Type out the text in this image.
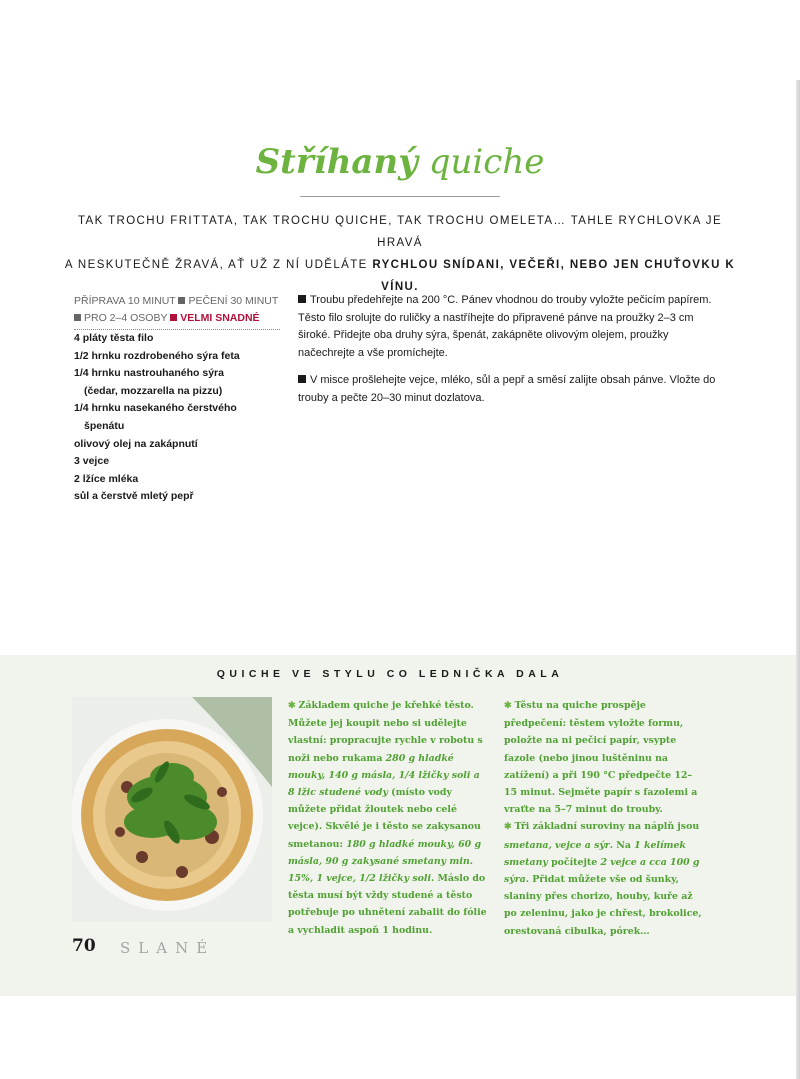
Stříhaný quiche

TAK TROCHU FRITTATA, TAK TROCHU QUICHE, TAK TROCHU OMELETA… TAHLE RYCHLOVKA JE HRAVÁ
A NESKUTEČNĚ ŽRAVÁ, AŤ UŽ Z NÍ UDĚLÁTE RYCHLOU SNÍDANI, VEČEŘI, NEBO JEN CHUŤOVKU K VÍNU.

PŘÍPRAVA 10 MINUT PEČENÍ 30 MINUT
PRO 2–4 OSOBY VELMI SNADNÉ
4 pláty těsta filo
1/2 hrnku rozdrobeného sýra feta
1/4 hrnku nastrouhaného sýra
(čedar, mozzarella na pizzu)
1/4 hrnku nasekaného čerstvého
špenátu
olivový olej na zakápnutí
3 vejce
2 lžíce mléka
sůl a čerstvě mletý pepř

Troubu předehřejte na 200 °C. Pánev vhodnou do trouby vyložte pečicím papírem. Těsto filo srolujte do ruličky a nastříhejte do připravené pánve na proužky 2–3 cm široké. Přidejte oba druhy sýra, špenát, zakápněte olivovým olejem, proužky načechrejte a vše promíchejte.

V misce prošlehejte vejce, mléko, sůl a pepř a směsí zalijte obsah pánve. Vložte do trouby a pečte 20–30 minut dozlatova.

QUICHE VE STYLU CO LEDNIČKA DALA

✱ Základem quiche je křehké těsto. Můžete jej koupit nebo si udělejte vlastní: propracujte rychle v robotu s noži nebo rukama 280 g hladké mouky, 140 g másla, 1/4 lžičky soli a 8 lžic studené vody (místo vody můžete přidat žloutek nebo celé vejce). Skvělé je i těsto se zakysanou smetanou: 180 g hladké mouky, 60 g másla, 90 g zakysané smetany min. 15%, 1 vejce, 1/2 lžičky soli. Máslo do těsta musí být vždy studené a těsto potřebuje po uhnětení zabalit do fólie a vychladit aspoň 1 hodinu.

✱ Těstu na quiche prospěje předpečení: těstem vyložte formu, položte na ni pečicí papír, vsypte fazole (nebo jinou luštěninu na zatížení) a při 190 °C předpečte 12–15 minut. Sejměte papír s fazolemi a vraťte na 5–7 minut do trouby.

✱ Tři základní suroviny na náplň jsou smetana, vejce a sýr. Na 1 kelímek smetany počítejte 2 vejce a cca 100 g sýra. Přidat můžete vše od šunky, slaniny přes chorizo, houby, kuře až po zeleninu, jako je chřest, brokolice, orestovaná cibulka, pórek…

70 SLANÉ
